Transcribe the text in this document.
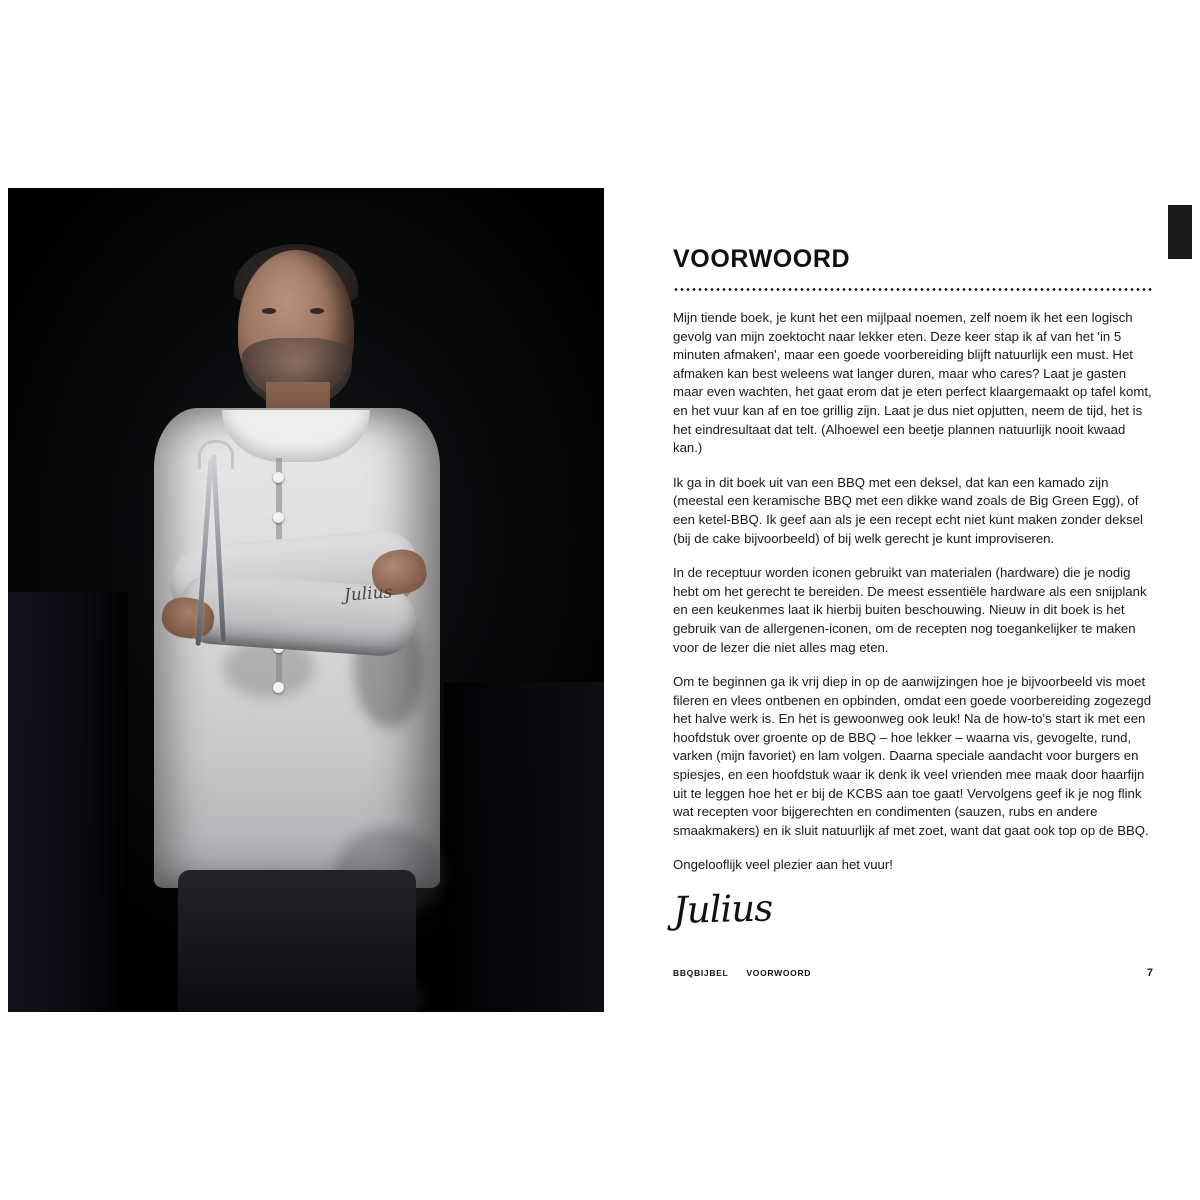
Julius
VOORWOORD

Mijn tiende boek, je kunt het een mijlpaal noemen, zelf noem ik het een logisch gevolg van mijn zoektocht naar lekker eten. Deze keer stap ik af van het 'in 5 minuten afmaken', maar een goede voorbereiding blijft natuurlijk een must. Het afmaken kan best weleens wat langer duren, maar who cares? Laat je gasten maar even wachten, het gaat erom dat je eten perfect klaargemaakt op tafel komt, en het vuur kan af en toe grillig zijn. Laat je dus niet opjutten, neem de tijd, het is het eindresultaat dat telt. (Alhoewel een beetje plannen natuurlijk nooit kwaad kan.)

Ik ga in dit boek uit van een BBQ met een deksel, dat kan een kamado zijn (meestal een keramische BBQ met een dikke wand zoals de Big Green Egg), of een ketel-BBQ. Ik geef aan als je een recept echt niet kunt maken zonder deksel (bij de cake bijvoorbeeld) of bij welk gerecht je kunt improviseren.

In de receptuur worden iconen gebruikt van materialen (hardware) die je nodig hebt om het gerecht te bereiden. De meest essentiële hardware als een snijplank en een keukenmes laat ik hierbij buiten beschouwing. Nieuw in dit boek is het gebruik van de allergenen-iconen, om de recepten nog toegankelijker te maken voor de lezer die niet alles mag eten.

Om te beginnen ga ik vrij diep in op de aanwijzingen hoe je bijvoorbeeld vis moet fileren en vlees ontbenen en opbinden, omdat een goede voorbereiding zogezegd het halve werk is. En het is gewoonweg ook leuk! Na de how-to's start ik met een hoofdstuk over groente op de BBQ – hoe lekker – waarna vis, gevogelte, rund, varken (mijn favoriet) en lam volgen. Daarna speciale aandacht voor burgers en spiesjes, en een hoofdstuk waar ik denk ik veel vrienden mee maak door haarfijn uit te leggen hoe het er bij de KCBS aan toe gaat! Vervolgens geef ik je nog flink wat recepten voor bijgerechten en condimenten (sauzen, rubs en andere smaakmakers) en ik sluit natuurlijk af met zoet, want dat gaat ook top op de BBQ.

Ongelooflijk veel plezier aan het vuur!

Julius
BBQBIJBEL VOORWOORD	7
